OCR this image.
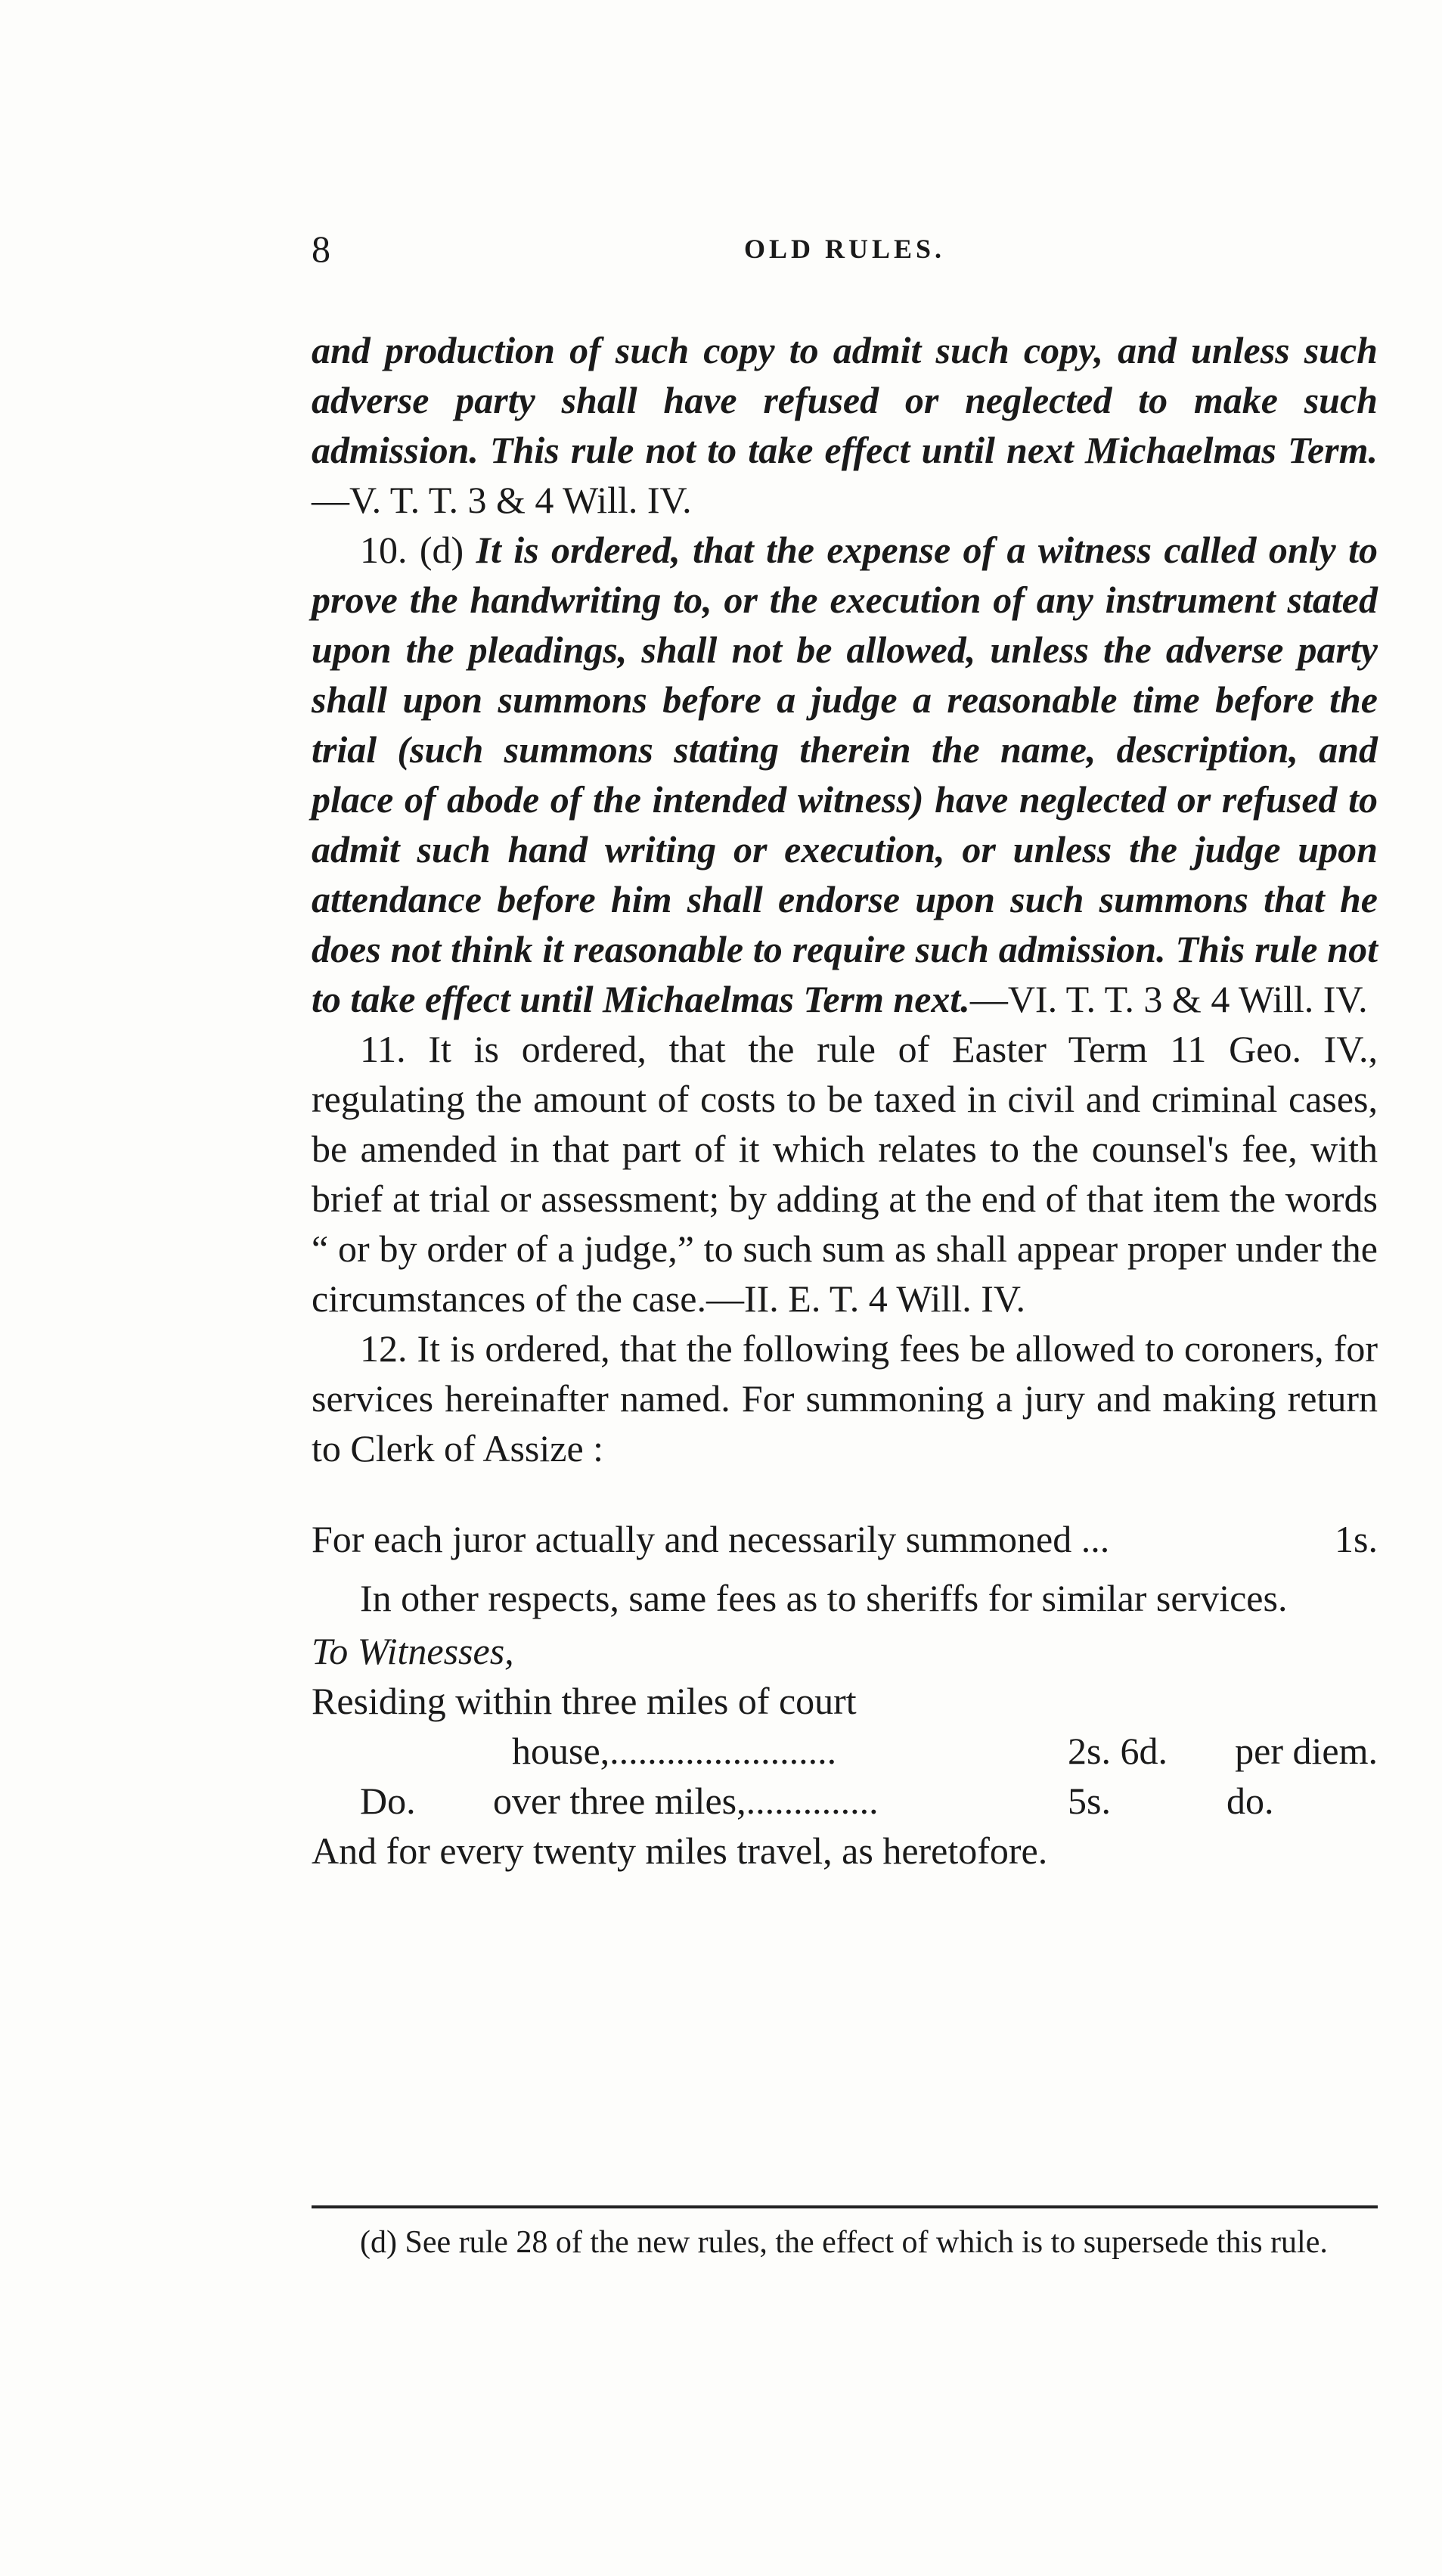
8	OLD RULES.

and production of such copy to admit such copy, and unless such adverse party shall have refused or neglected to make such admission. This rule not to take effect until next Michaelmas Term.—V. T. T. 3 & 4 Will. IV.

10. (d) It is ordered, that the expense of a witness called only to prove the handwriting to, or the execution of any instrument stated upon the pleadings, shall not be allowed, unless the adverse party shall upon summons before a judge a reasonable time before the trial (such summons stating therein the name, description, and place of abode of the intended witness) have neglected or refused to admit such hand writing or execution, or unless the judge upon attendance before him shall endorse upon such summons that he does not think it reasonable to require such admission. This rule not to take effect until Michaelmas Term next.—VI. T. T. 3 & 4 Will. IV.

11. It is ordered, that the rule of Easter Term 11 Geo. IV., regulating the amount of costs to be taxed in civil and criminal cases, be amended in that part of it which relates to the counsel's fee, with brief at trial or assessment; by adding at the end of that item the words “ or by order of a judge,” to such sum as shall appear proper under the circumstances of the case.—II. E. T. 4 Will. IV.

12. It is ordered, that the following fees be allowed to coroners, for services hereinafter named. For summoning a jury and making return to Clerk of Assize :

For each juror actually and necessarily summoned ...	1s.

In other respects, same fees as to sheriffs for similar services.

To Witnesses,

Residing within three miles of court
house,........................	2s. 6d. per diem.
Do. over three miles,..............	5s.	do.
And for every twenty miles travel, as heretofore.

(d) See rule 28 of the new rules, the effect of which is to supersede this rule.
